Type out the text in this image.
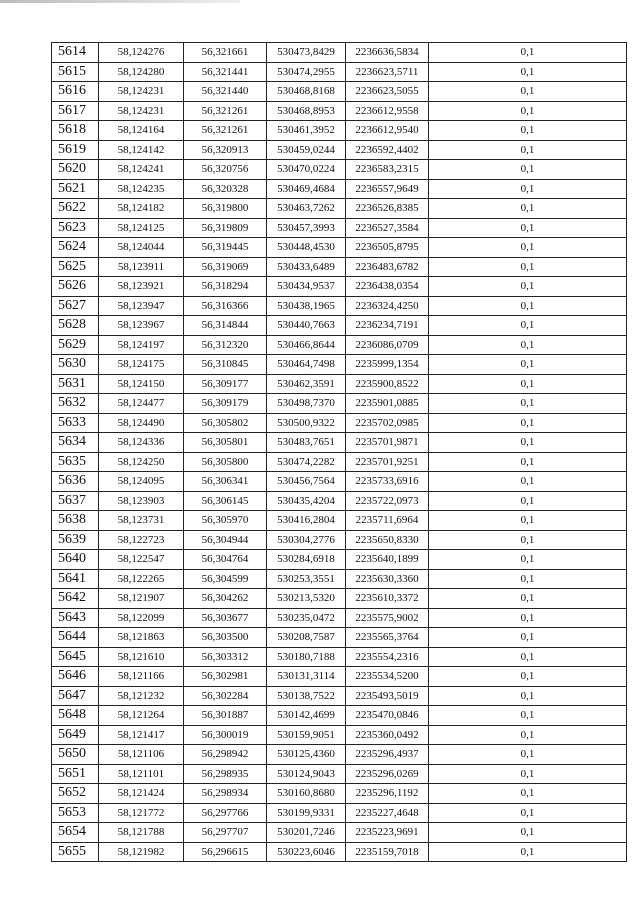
5614	58,124276	56,321661	530473,8429	2236636,5834	0,1
5615	58,124280	56,321441	530474,2955	2236623,5711	0,1
5616	58,124231	56,321440	530468,8168	2236623,5055	0,1
5617	58,124231	56,321261	530468,8953	2236612,9558	0,1
5618	58,124164	56,321261	530461,3952	2236612,9540	0,1
5619	58,124142	56,320913	530459,0244	2236592,4402	0,1
5620	58,124241	56,320756	530470,0224	2236583,2315	0,1
5621	58,124235	56,320328	530469,4684	2236557,9649	0,1
5622	58,124182	56,319800	530463,7262	2236526,8385	0,1
5623	58,124125	56,319809	530457,3993	2236527,3584	0,1
5624	58,124044	56,319445	530448,4530	2236505,8795	0,1
5625	58,123911	56,319069	530433,6489	2236483,6782	0,1
5626	58,123921	56,318294	530434,9537	2236438,0354	0,1
5627	58,123947	56,316366	530438,1965	2236324,4250	0,1
5628	58,123967	56,314844	530440,7663	2236234,7191	0,1
5629	58,124197	56,312320	530466,8644	2236086,0709	0,1
5630	58,124175	56,310845	530464,7498	2235999,1354	0,1
5631	58,124150	56,309177	530462,3591	2235900,8522	0,1
5632	58,124477	56,309179	530498,7370	2235901,0885	0,1
5633	58,124490	56,305802	530500,9322	2235702,0985	0,1
5634	58,124336	56,305801	530483,7651	2235701,9871	0,1
5635	58,124250	56,305800	530474,2282	2235701,9251	0,1
5636	58,124095	56,306341	530456,7564	2235733,6916	0,1
5637	58,123903	56,306145	530435,4204	2235722,0973	0,1
5638	58,123731	56,305970	530416,2804	2235711,6964	0,1
5639	58,122723	56,304944	530304,2776	2235650,8330	0,1
5640	58,122547	56,304764	530284,6918	2235640,1899	0,1
5641	58,122265	56,304599	530253,3551	2235630,3360	0,1
5642	58,121907	56,304262	530213,5320	2235610,3372	0,1
5643	58,122099	56,303677	530235,0472	2235575,9002	0,1
5644	58,121863	56,303500	530208,7587	2235565,3764	0,1
5645	58,121610	56,303312	530180,7188	2235554,2316	0,1
5646	58,121166	56,302981	530131,3114	2235534,5200	0,1
5647	58,121232	56,302284	530138,7522	2235493,5019	0,1
5648	58,121264	56,301887	530142,4699	2235470,0846	0,1
5649	58,121417	56,300019	530159,9051	2235360,0492	0,1
5650	58,121106	56,298942	530125,4360	2235296,4937	0,1
5651	58,121101	56,298935	530124,9043	2235296,0269	0,1
5652	58,121424	56,298934	530160,8680	2235296,1192	0,1
5653	58,121772	56,297766	530199,9331	2235227,4648	0,1
5654	58,121788	56,297707	530201,7246	2235223,9691	0,1
5655	58,121982	56,296615	530223,6046	2235159,7018	0,1
